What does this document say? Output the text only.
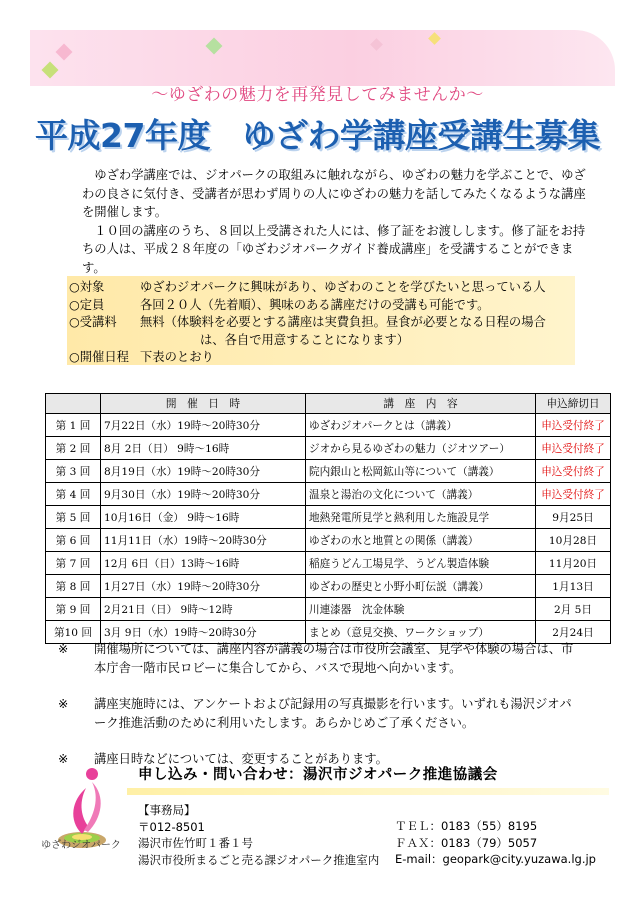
～ゆざわの魅力を再発見してみませんか～
平成27年度　ゆざわ学講座受講生募集

ゆざわ学講座では、ジオパークの取組みに触れながら、ゆざわの魅力を学ぶことで、ゆざわの良さに気付き、受講者が思わず周りの人にゆざわの魅力を話してみたくなるような講座を開催します。

１０回の講座のうち、８回以上受講された人には、修了証をお渡しします。修了証をお持ちの人は、平成２８年度の「ゆざわジオパークガイド養成講座」を受講することができます。

○対象	ゆざわジオパークに興味があり、ゆざわのことを学びたいと思っている人
○定員	各回２０人（先着順）、興味のある講座だけの受講も可能です。
○受講料	無料（体験料を必要とする講座は実費負担。昼食が必要となる日程の場合
は、各自で用意することになります）
○開催日程 下表のとおり
	開　催　日　時	講　座　内　容	申込締切日
第 1 回	7月22日（水）19時～20時30分	ゆざわジオパークとは（講義）	申込受付終了
第 2 回	8月 2日（日） 9時～16時	ジオから見るゆざわの魅力（ジオツアー）	申込受付終了
第 3 回	8月19日（水）19時～20時30分	院内銀山と松岡鉱山等について（講義）	申込受付終了
第 4 回	9月30日（水）19時～20時30分	温泉と湯治の文化について（講義）	申込受付終了
第 5 回	10月16日（金） 9時～16時	地熱発電所見学と熱利用した施設見学	9月25日
第 6 回	11月11日（水）19時～20時30分	ゆざわの水と地質との関係（講義）	10月28日
第 7 回	12月 6日（日）13時～16時	稲庭うどん工場見学、うどん製造体験	11月20日
第 8 回	1月27日（水）19時～20時30分	ゆざわの歴史と小野小町伝説（講義）	1月13日
第 9 回	2月21日（日） 9時～12時	川連漆器　沈金体験	2月 5日
第10 回	3月 9日（水）19時～20時30分	まとめ（意見交換、ワークショップ）	2月24日

※ 開催場所については、講座内容が講義の場合は市役所会議室、見学や体験の場合は、市本庁舎一階市民ロビーに集合してから、バスで現地へ向かいます。

※ 講座実施時には、アンケートおよび記録用の写真撮影を行います。いずれも湯沢ジオパーク推進活動のために利用いたします。あらかじめご了承ください。

※ 講座日時などについては、変更することがあります。

申し込み・問い合わせ：湯沢市ジオパーク推進協議会
ゆざわジオパーク
【事務局】
〒012-8501
湯沢市佐竹町１番１号
湯沢市役所まるごと売る課ジオパーク推進室内
ＴＥＬ：0183（55）8195
ＦＡＸ：0183（79）5057
E-mail：geopark@city.yuzawa.lg.jp
